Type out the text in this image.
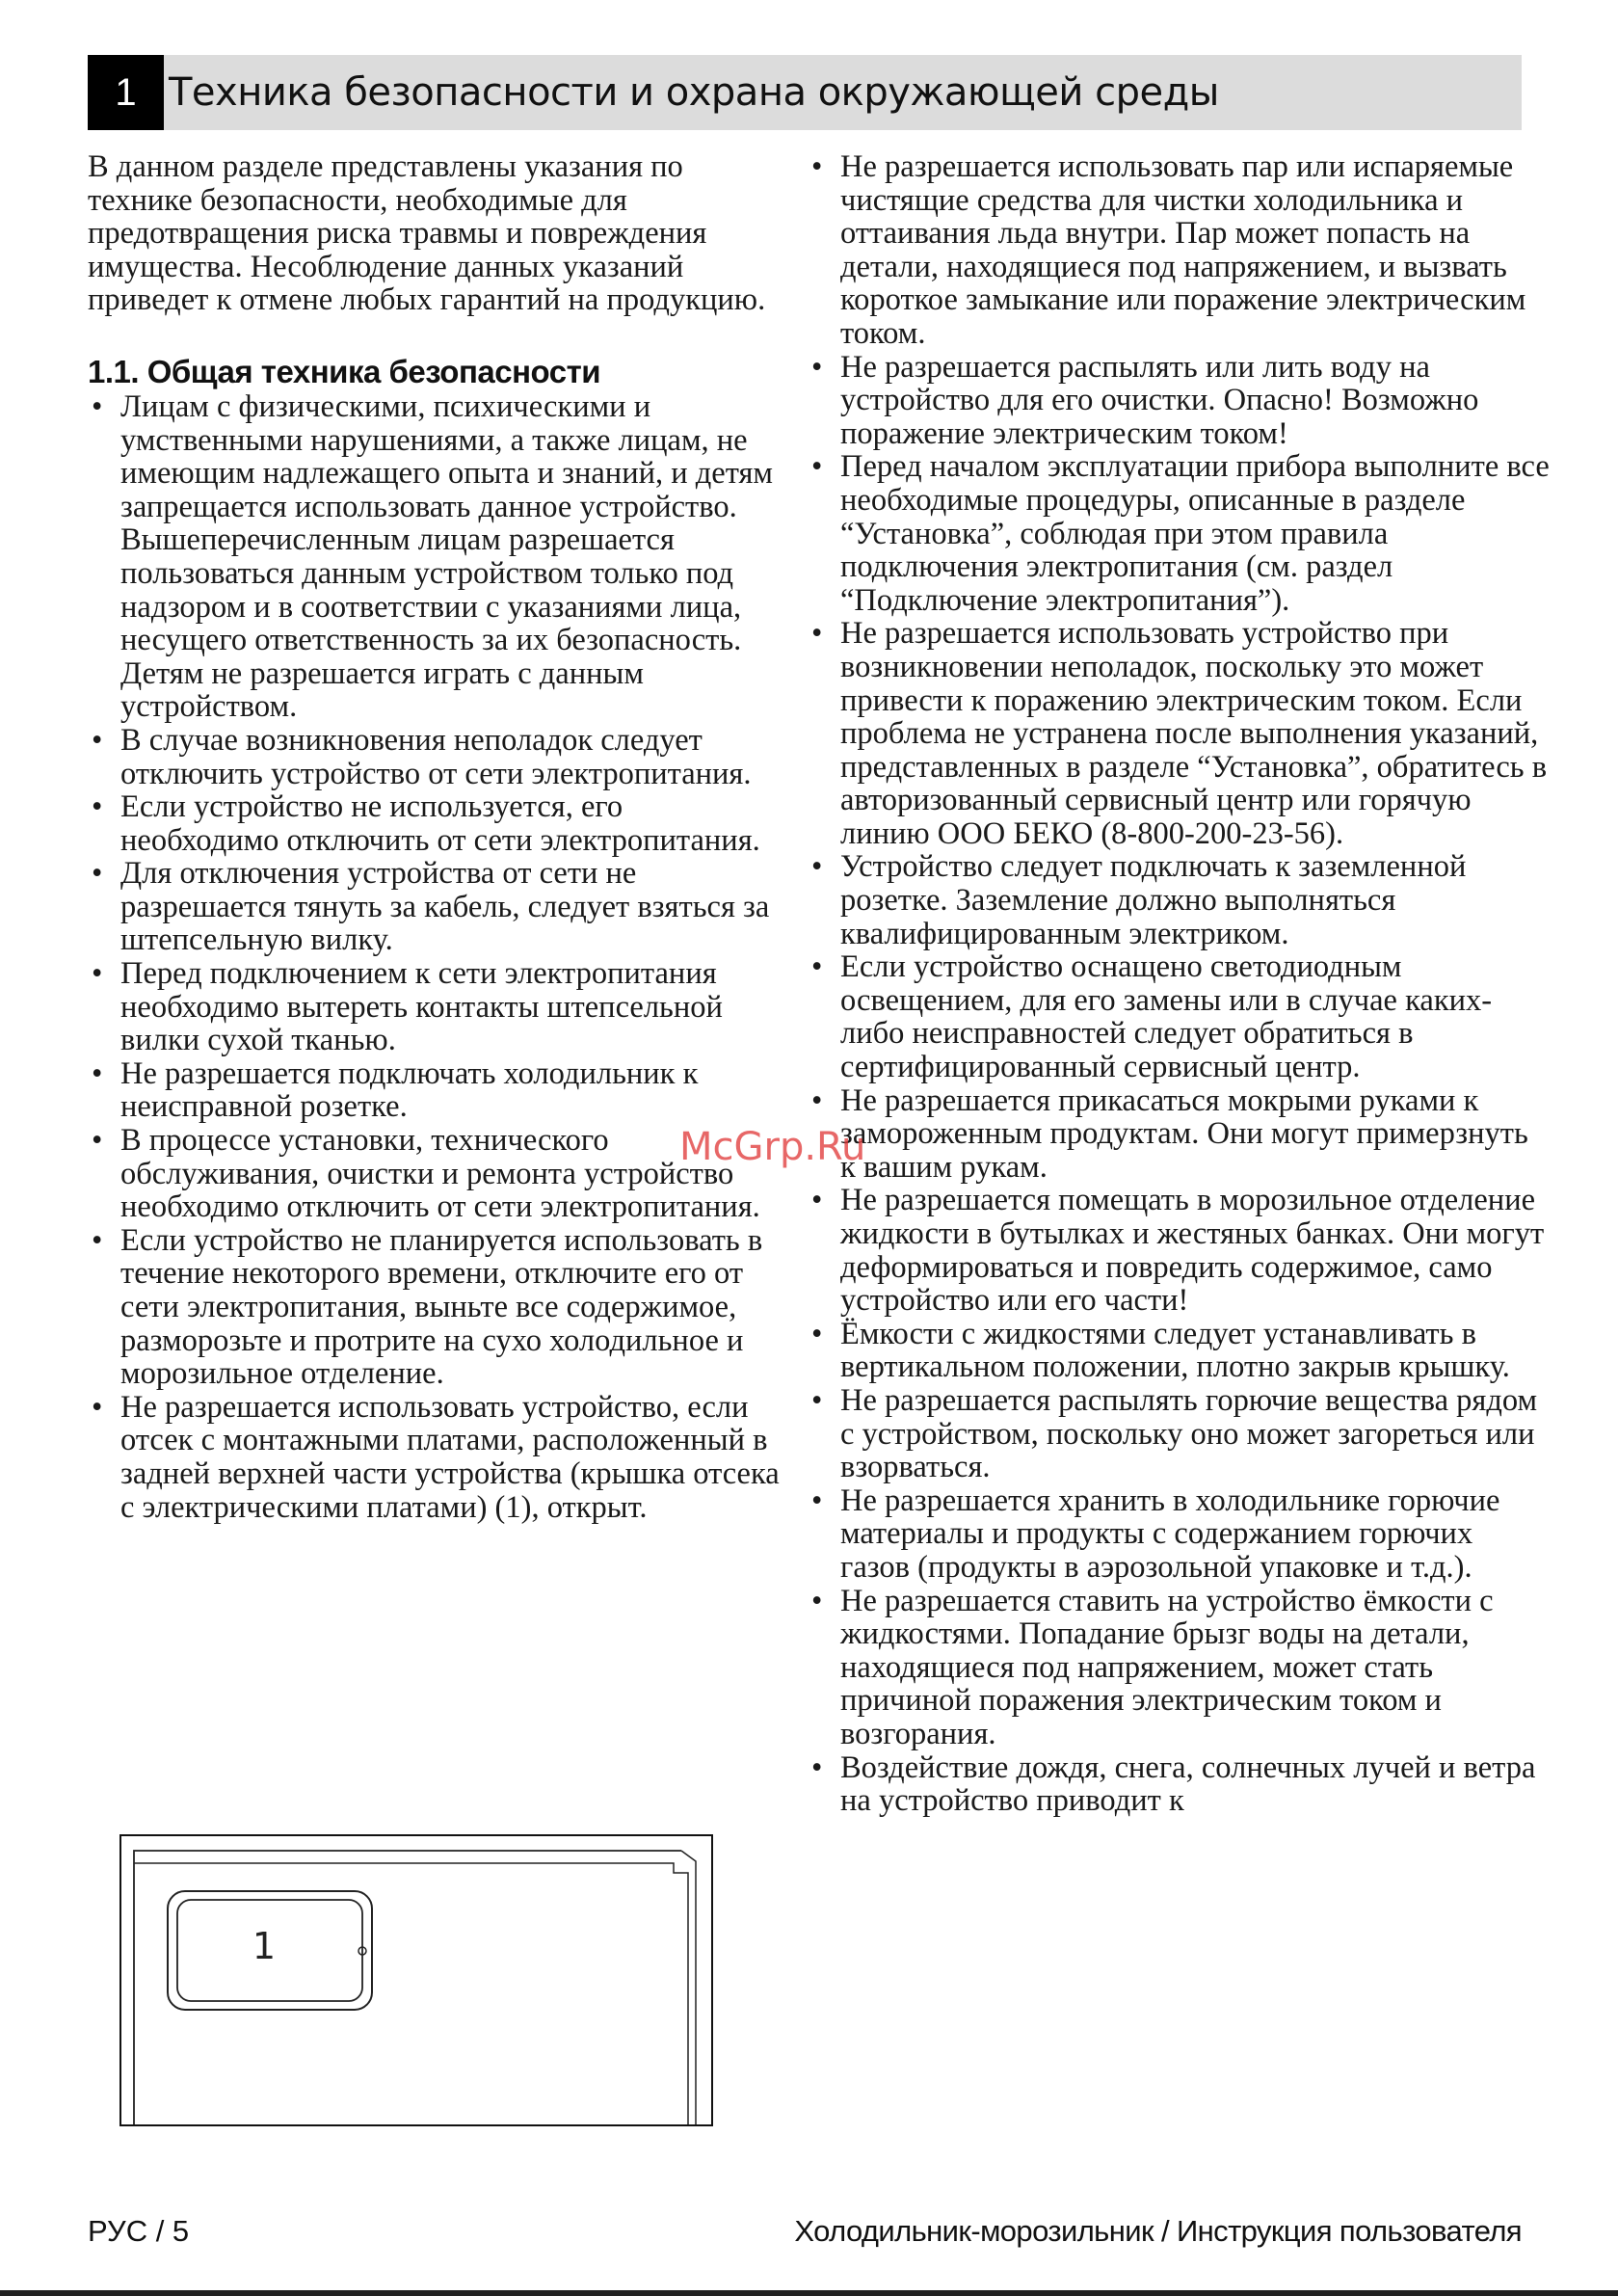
1 Техника безопасности и охрана окружающей среды

В данном разделе представлены указания по технике безопасности, необходимые для предотвращения риска травмы и повреждения имущества. Несоблюдение данных указаний приведет к отмене любых гарантий на продукцию.

1.1. Общая техника безопасности
• Лицам с физическими, психическими и умственными нарушениями, а также лицам, не имеющим надлежащего опыта и знаний, и детям запрещается использовать данное устройство. Вышеперечисленным лицам разрешается пользоваться данным устройством только под надзором и в соответствии с указаниями лица, несущего ответственность за их безопасность. Детям не разрешается играть с данным устройством.
• В случае возникновения неполадок следует отключить устройство от сети электропитания.
• Если устройство не используется, его необходимо отключить от сети электропитания.
• Для отключения устройства от сети не разрешается тянуть за кабель, следует взяться за штепсельную вилку.
• Перед подключением к сети электропитания необходимо вытереть контакты штепсельной вилки сухой тканью.
• Не разрешается подключать холодильник к неисправной розетке.
• В процессе установки, технического обслуживания, очистки и ремонта устройство необходимо отключить от сети электропитания.
• Если устройство не планируется использовать в течение некоторого времени, отключите его от сети электропитания, выньте все содержимое, разморозьте и протрите на сухо холодильное и морозильное отделение.
• Не разрешается использовать устройство, если отсек с монтажными платами, расположенный в задней верхней части устройства (крышка отсека с электрическими платами) (1), открыт.
• Не разрешается использовать пар или испаряемые чистящие средства для чистки холодильника и оттаивания льда внутри. Пар может попасть на детали, находящиеся под напряжением, и вызвать короткое замыкание или поражение электрическим током.
• Не разрешается распылять или лить воду на устройство для его очистки. Опасно! Возможно поражение электрическим током!
• Перед началом эксплуатации прибора выполните все необходимые процедуры, описанные в разделе “Установка”, соблюдая при этом правила подключения электропитания (см. раздел “Подключение электропитания”).
• Не разрешается использовать устройство при возникновении неполадок, поскольку это может привести к поражению электрическим током. Если проблема не устранена после выполнения указаний, представленных в разделе “Установка”, обратитесь в авторизованный сервисный центр или горячую линию ООО БЕКО (8-800-200-23-56).
• Устройство следует подключать к заземленной розетке. Заземление должно выполняться квалифицированным электриком.
• Если устройство оснащено светодиодным освещением, для его замены или в случае каких-либо неисправностей следует обратиться в сертифицированный сервисный центр.
• Не разрешается прикасаться мокрыми руками к замороженным продуктам. Они могут примерзнуть к вашим рукам.
• Не разрешается помещать в морозильное отделение жидкости в бутылках и жестяных банках. Они могут деформироваться и повредить содержимое, само устройство или его части!
• Ёмкости с жидкостями следует устанавливать в вертикальном положении, плотно закрыв крышку.
• Не разрешается распылять горючие вещества рядом с устройством, поскольку оно может загореться или взорваться.
• Не разрешается хранить в холодильнике горючие материалы и продукты с содержанием горючих газов (продукты в аэрозольной упаковке и т.д.).
• Не разрешается ставить на устройство ёмкости с жидкостями. Попадание брызг воды на детали, находящиеся под напряжением, может стать причиной поражения электрическим током и возгорания.
• Воздействие дождя, снега, солнечных лучей и ветра на устройство приводит к
1
McGrp.Ru
РУС / 5	Холодильник-морозильник / Инструкция пользователя
